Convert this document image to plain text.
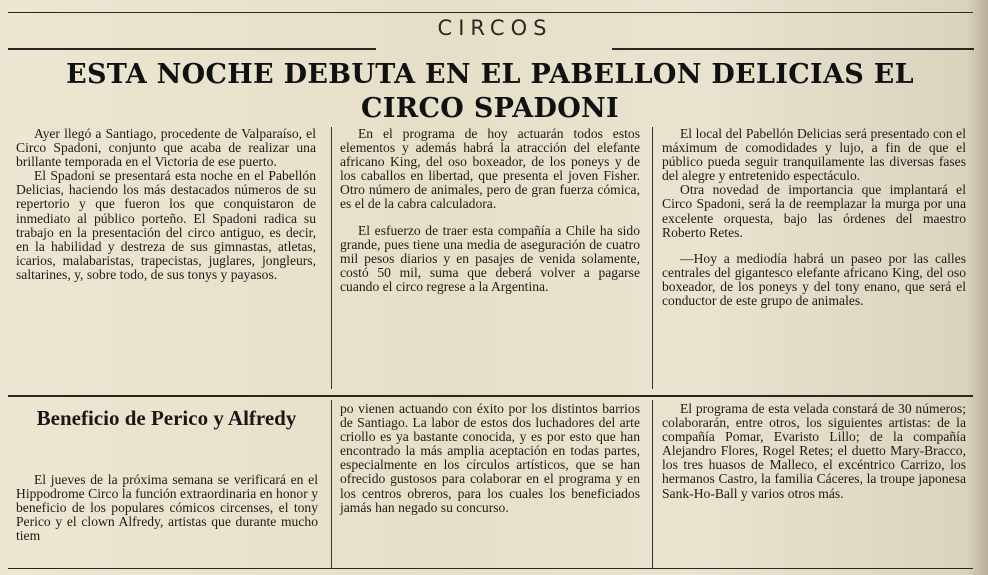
CIRCOS
ESTA NOCHE DEBUTA EN EL PABELLON DELICIAS EL CIRCO SPADONI

Ayer llegó a Santiago, procedente de Valparaíso, el Circo Spadoni, conjunto que acaba de realizar una brillante temporada en el Victoria de ese puerto.

El Spadoni se presentará esta noche en el Pabellón Delicias, haciendo los más destacados números de su repertorio y que fueron los que conquistaron de inmediato al público porteño. El Spadoni radica su trabajo en la presentación del circo antiguo, es decir, en la habilidad y destreza de sus gimnastas, atletas, icarios, malabaristas, trapecistas, juglares, jongleurs, saltarines, y, sobre todo, de sus tonys y payasos.

En el programa de hoy actuarán todos estos elementos y además habrá la atracción del elefante africano King, del oso boxeador, de los poneys y de los caballos en libertad, que presenta el joven Fisher. Otro número de animales, pero de gran fuerza cómica, es el de la cabra calculadora.

El esfuerzo de traer esta compañía a Chile ha sido grande, pues tiene una media de aseguración de cuatro mil pesos diarios y en pasajes de venida solamente, costó 50 mil, suma que deberá volver a pagarse cuando el circo regrese a la Argentina.

El local del Pabellón Delicias será presentado con el máximum de comodidades y lujo, a fin de que el público pueda seguir tranquilamente las diversas fases del alegre y entretenido espectáculo.

Otra novedad de importancia que implantará el Circo Spadoni, será la de reemplazar la murga por una excelente orquesta, bajo las órdenes del maestro Roberto Retes.

—Hoy a mediodía habrá un paseo por las calles centrales del gigantesco elefante africano King, del oso boxeador, de los poneys y del tony enano, que será el conductor de este grupo de animales.

Beneficio de Perico y Alfredy

El jueves de la próxima semana se verificará en el Hippodrome Circo la función extraordinaria en honor y beneficio de los populares cómicos circenses, el tony Perico y el clown Alfredy, artistas que durante mucho tiem

po vienen actuando con éxito por los distintos barrios de Santiago. La labor de estos dos luchadores del arte criollo es ya bastante conocida, y es por esto que han encontrado la más amplia aceptación en todas partes, especialmente en los círculos artísticos, que se han ofrecido gustosos para colaborar en el programa y en los centros obreros, para los cuales los beneficiados jamás han negado su concurso.

El programa de esta velada constará de 30 números; colaborarán, entre otros, los siguientes artistas: de la compañía Pomar, Evaristo Lillo; de la compañía Alejandro Flores, Rogel Retes; el duetto Mary-Bracco, los tres huasos de Malleco, el excéntrico Carrizo, los hermanos Castro, la familia Cáceres, la troupe japonesa Sank-Ho-Ball y varios otros más.
